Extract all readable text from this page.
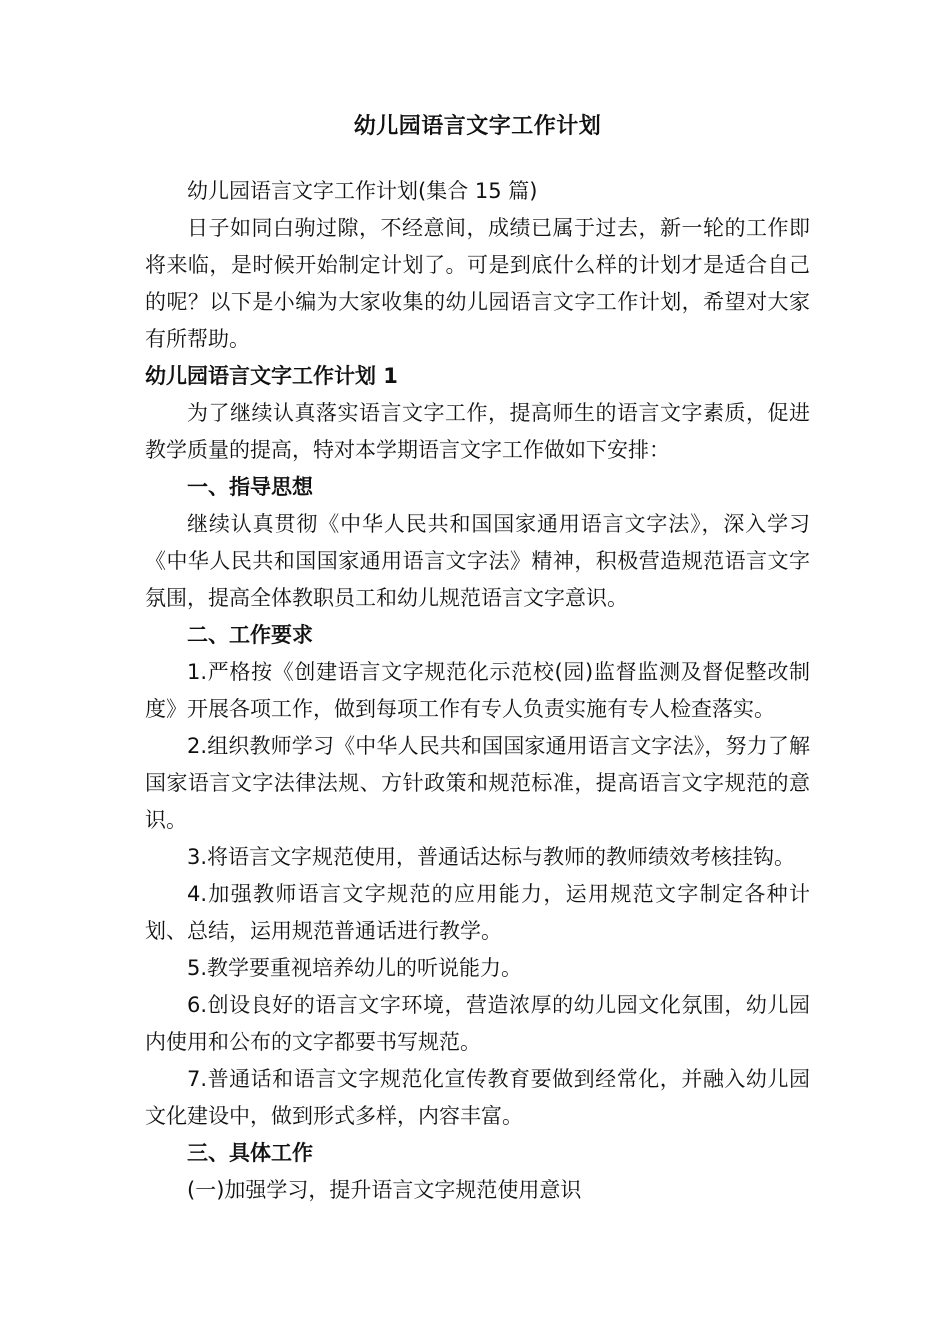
幼儿园语言文字工作计划

幼儿园语言文字工作计划(集合 15 篇)

日子如同白驹过隙，不经意间，成绩已属于过去，新一轮的工作即将来临，是时候开始制定计划了。可是到底什么样的计划才是适合自己的呢？以下是小编为大家收集的幼儿园语言文字工作计划，希望对大家有所帮助。

幼儿园语言文字工作计划 1

为了继续认真落实语言文字工作，提高师生的语言文字素质，促进教学质量的提高，特对本学期语言文字工作做如下安排：

一、指导思想

继续认真贯彻《中华人民共和国国家通用语言文字法》，深入学习《中华人民共和国国家通用语言文字法》精神，积极营造规范语言文字氛围，提高全体教职员工和幼儿规范语言文字意识。

二、工作要求

1.严格按《创建语言文字规范化示范校(园)监督监测及督促整改制度》开展各项工作，做到每项工作有专人负责实施有专人检查落实。

2.组织教师学习《中华人民共和国国家通用语言文字法》，努力了解国家语言文字法律法规、方针政策和规范标准，提高语言文字规范的意识。

3.将语言文字规范使用，普通话达标与教师的教师绩效考核挂钩。

4.加强教师语言文字规范的应用能力，运用规范文字制定各种计划、总结，运用规范普通话进行教学。

5.教学要重视培养幼儿的听说能力。

6.创设良好的语言文字环境，营造浓厚的幼儿园文化氛围，幼儿园内使用和公布的文字都要书写规范。

7.普通话和语言文字规范化宣传教育要做到经常化，并融入幼儿园文化建设中，做到形式多样，内容丰富。

三、具体工作

(一)加强学习，提升语言文字规范使用意识
